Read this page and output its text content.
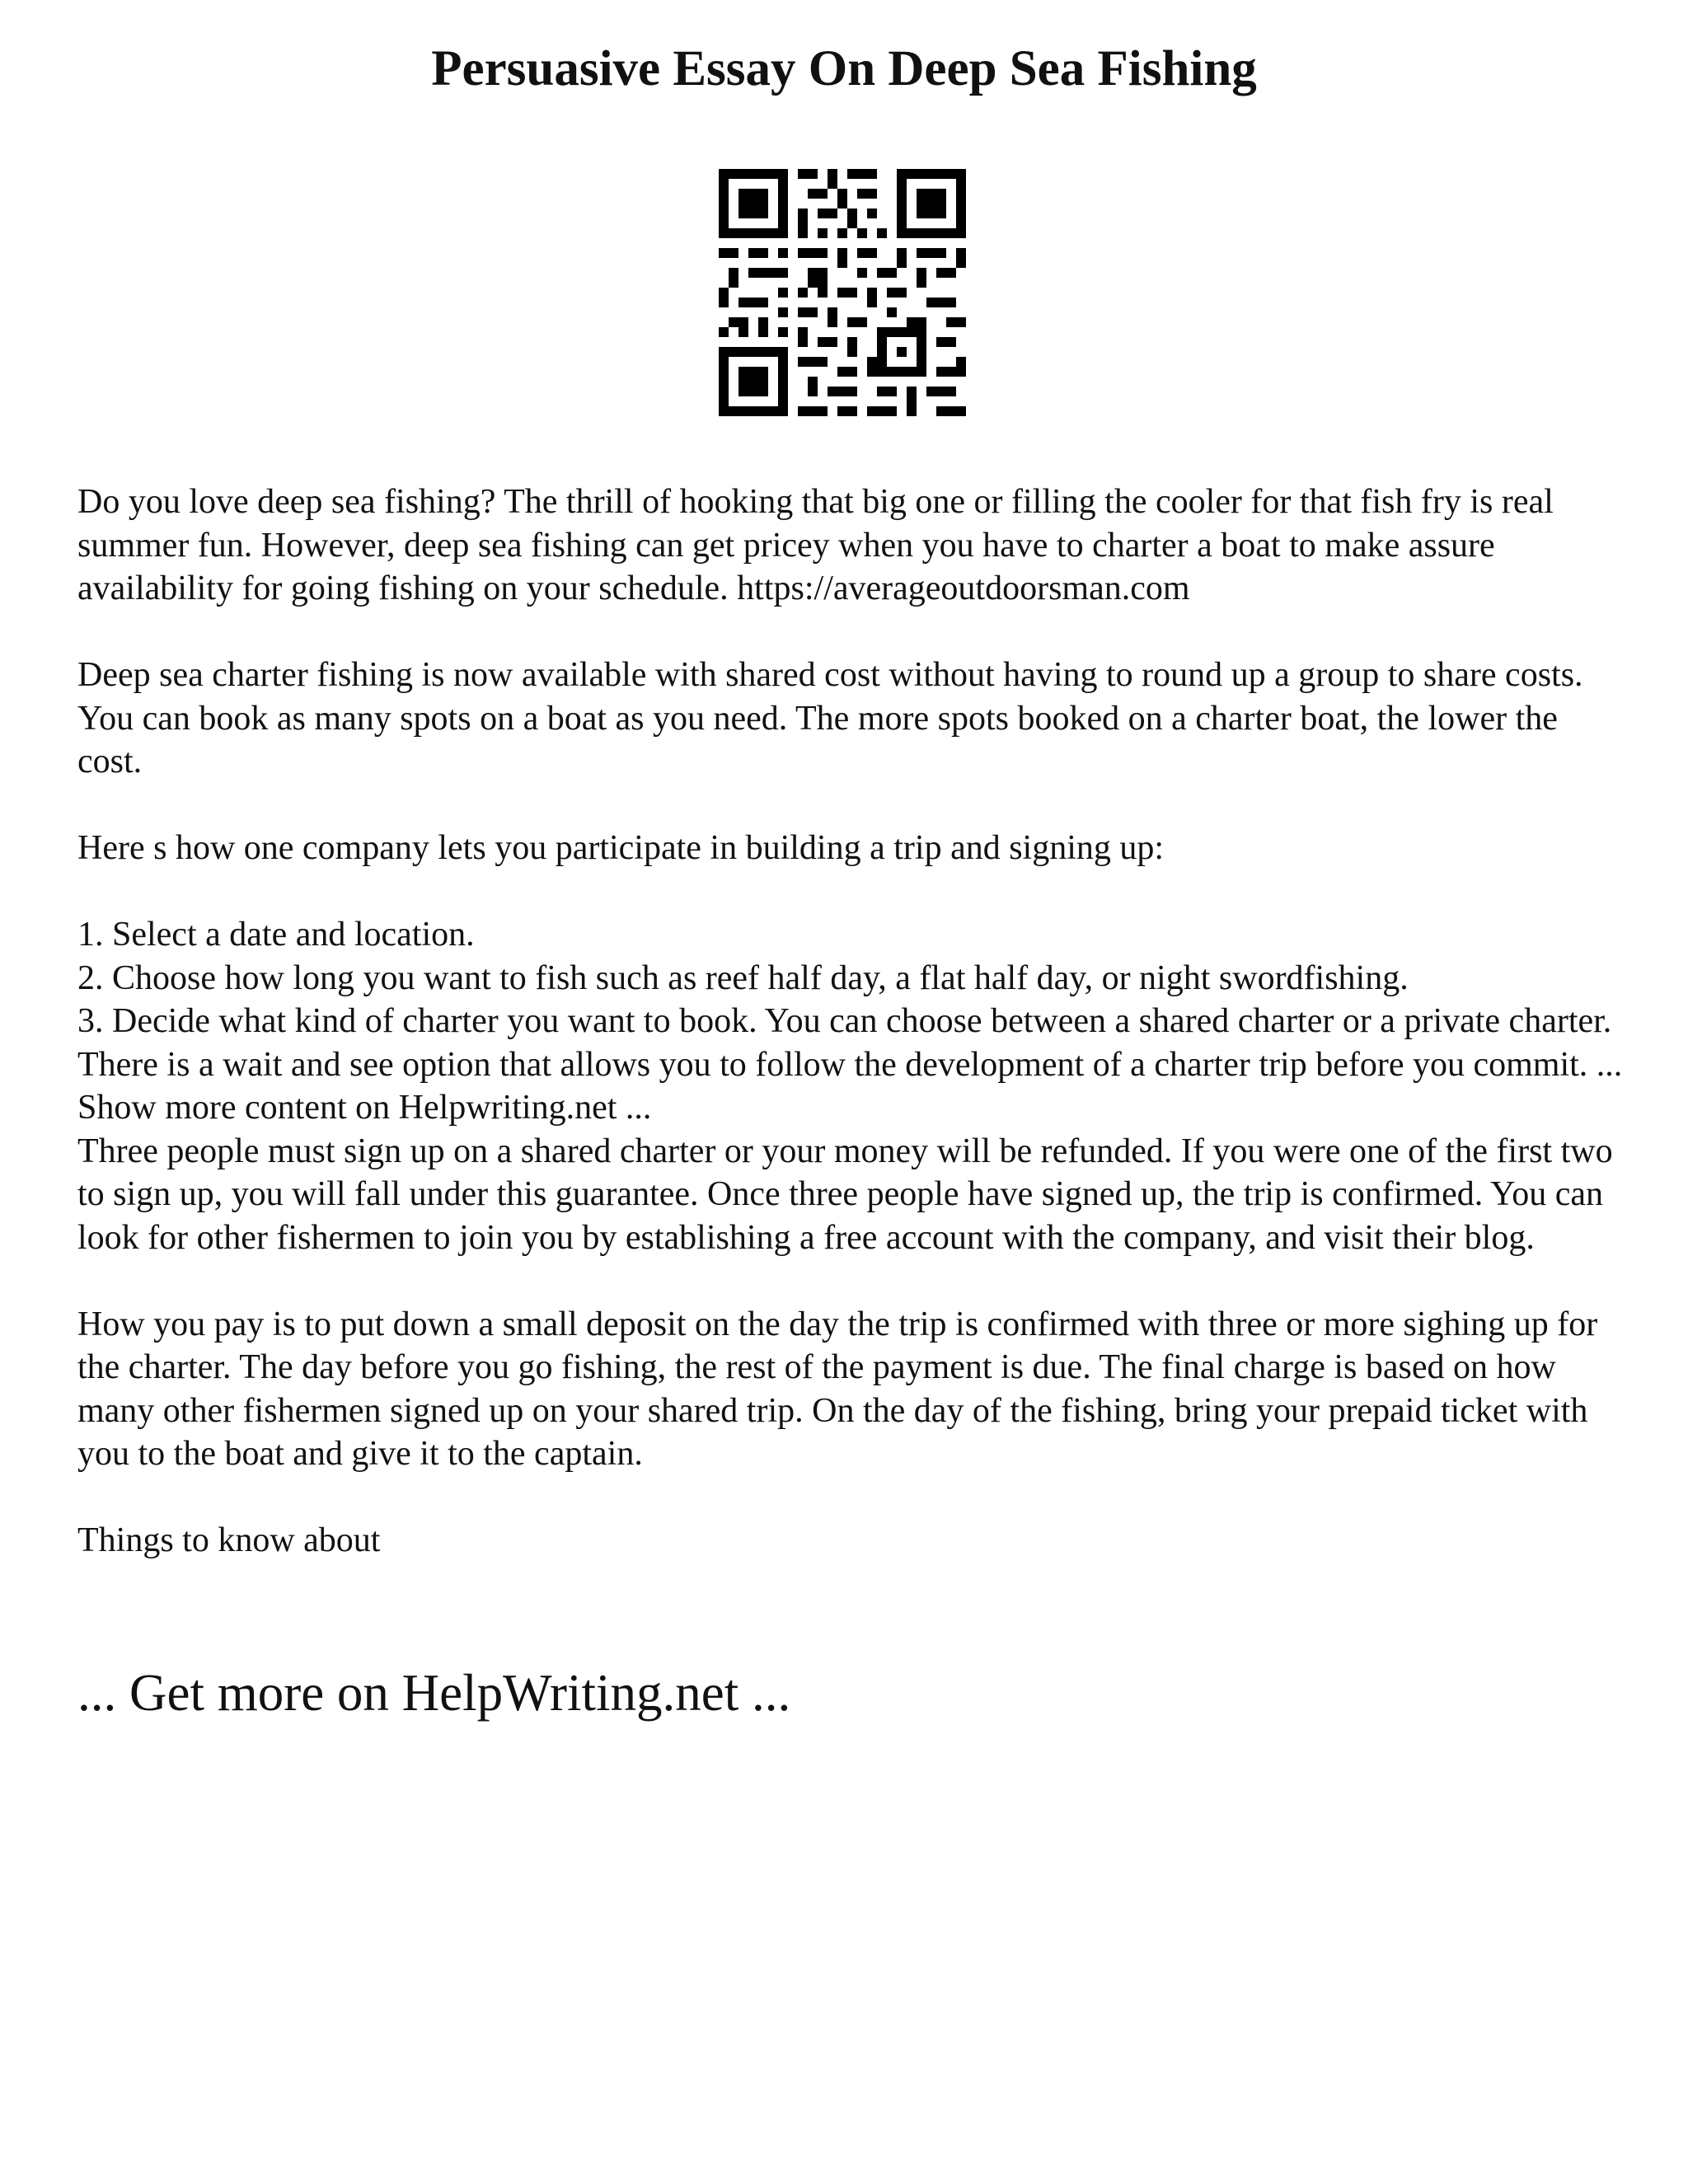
Persuasive Essay On Deep Sea Fishing

Do you love deep sea fishing? The thrill of hooking that big one or filling the cooler for that fish fry is real summer fun. However, deep sea fishing can get pricey when you have to charter a boat to make assure availability for going fishing on your schedule. https://averageoutdoorsman.com

Deep sea charter fishing is now available with shared cost without having to round up a group to share costs. You can book as many spots on a boat as you need. The more spots booked on a charter boat, the lower the cost.

Here s how one company lets you participate in building a trip and signing up:

1. Select a date and location.

2. Choose how long you want to fish such as reef half day, a flat half day, or night swordfishing.

3. Decide what kind of charter you want to book. You can choose between a shared charter or a private charter. There is a wait and see option that allows you to follow the development of a charter trip before you commit. ... Show more content on Helpwriting.net ...

Three people must sign up on a shared charter or your money will be refunded. If you were one of the first two to sign up, you will fall under this guarantee. Once three people have signed up, the trip is confirmed. You can look for other fishermen to join you by establishing a free account with the company, and visit their blog.

How you pay is to put down a small deposit on the day the trip is confirmed with three or more sighing up for the charter. The day before you go fishing, the rest of the payment is due. The final charge is based on how many other fishermen signed up on your shared trip. On the day of the fishing, bring your prepaid ticket with you to the boat and give it to the captain.

Things to know about

... Get more on HelpWriting.net ...
